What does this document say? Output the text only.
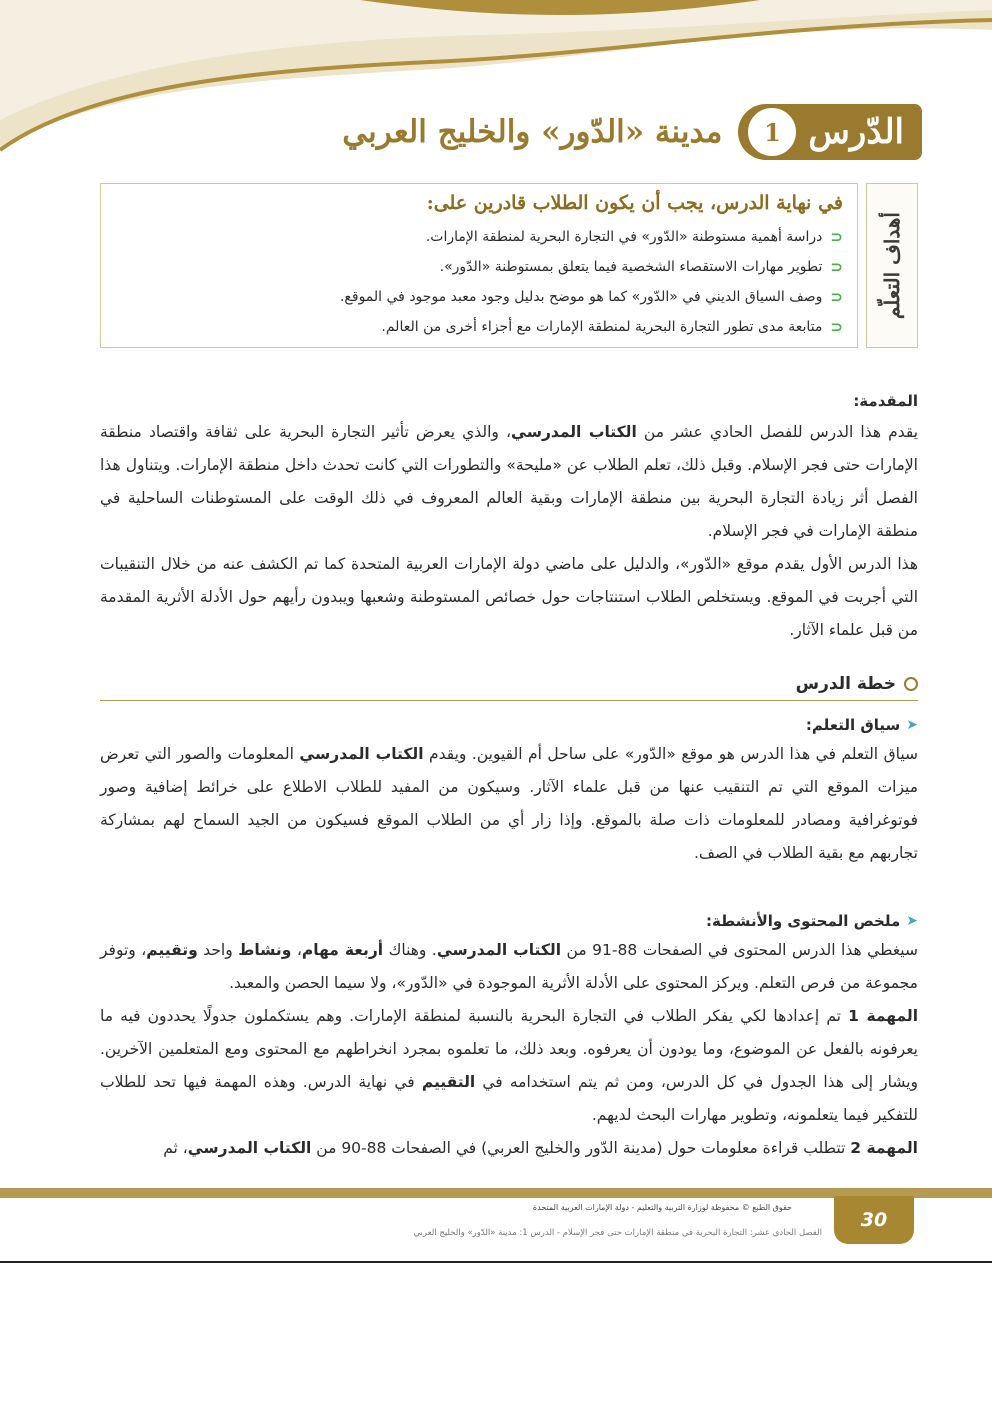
الدّرس
1
مدينة «الدّور» والخليج العربي
أهداف التعلّم

في نهاية الدرس، يجب أن يكون الطلاب قادرين على:

⊂
دراسة أهمية مستوطنة «الدّور» في التجارة البحرية لمنطقة الإمارات.
⊂
تطوير مهارات الاستقصاء الشخصية فيما يتعلق بمستوطنة «الدّور».
⊂
وصف السياق الديني في «الدّور» كما هو موضح بدليل وجود معبد موجود في الموقع.
⊂
متابعة مدى تطور التجارة البحرية لمنطقة الإمارات مع أجزاء أخرى من العالم.

المقدمة:

يقدم هذا الدرس للفصل الحادي عشر من الكتاب المدرسي، والذي يعرض تأثير التجارة البحرية على ثقافة واقتصاد منطقة الإمارات حتى فجر الإسلام. وقبل ذلك، تعلم الطلاب عن «مليحة» والتطورات التي كانت تحدث داخل منطقة الإمارات. ويتناول هذا الفصل أثر زيادة التجارة البحرية بين منطقة الإمارات وبقية العالم المعروف في ذلك الوقت على المستوطنات الساحلية في منطقة الإمارات في فجر الإسلام.

هذا الدرس الأول يقدم موقع «الدّور»، والدليل على ماضي دولة الإمارات العربية المتحدة كما تم الكشف عنه من خلال التنقيبات التي أجريت في الموقع. ويستخلص الطلاب استنتاجات حول خصائص المستوطنة وشعبها ويبدون رأيهم حول الأدلة الأثرية المقدمة من قبل علماء الآثار.

خطة الدرس

➤
سياق التعلم:

سياق التعلم في هذا الدرس هو موقع «الدّور» على ساحل أم القيوين. ويقدم الكتاب المدرسي المعلومات والصور التي تعرض ميزات الموقع التي تم التنقيب عنها من قبل علماء الآثار. وسيكون من المفيد للطلاب الاطلاع على خرائط إضافية وصور فوتوغرافية ومصادر للمعلومات ذات صلة بالموقع. وإذا زار أي من الطلاب الموقع فسيكون من الجيد السماح لهم بمشاركة تجاربهم مع بقية الطلاب في الصف.

➤
ملخص المحتوى والأنشطة:

سيغطي هذا الدرس المحتوى في الصفحات 88-91 من الكتاب المدرسي. وهناك أربعة مهام، ونشاط واحد وتقييم، وتوفر مجموعة من فرص التعلم. ويركز المحتوى على الأدلة الأثرية الموجودة في «الدّور»، ولا سيما الحصن والمعبد.

المهمة 1 تم إعدادها لكي يفكر الطلاب في التجارة البحرية بالنسبة لمنطقة الإمارات. وهم يستكملون جدولًا يحددون فيه ما يعرفونه بالفعل عن الموضوع، وما يودون أن يعرفوه. وبعد ذلك، ما تعلموه بمجرد انخراطهم مع المحتوى ومع المتعلمين الآخرين. ويشار إلى هذا الجدول في كل الدرس، ومن ثم يتم استخدامه في التقييم في نهاية الدرس. وهذه المهمة فيها تحد للطلاب للتفكير فيما يتعلمونه، وتطوير مهارات البحث لديهم.

المهمة 2 تتطلب قراءة معلومات حول (مدينة الدّور والخليج العربي) في الصفحات 88-90 من الكتاب المدرسي، ثم

حقوق الطبع © محفوظة لوزارة التربية والتعليم - دولة الإمارات العربية المتحدة
30
الفصل الحادي عشر: التجارة البحرية في منطقة الإمارات حتى فجر الإسلام - الدرس 1: مدينة «الدّور» والخليج العربي
